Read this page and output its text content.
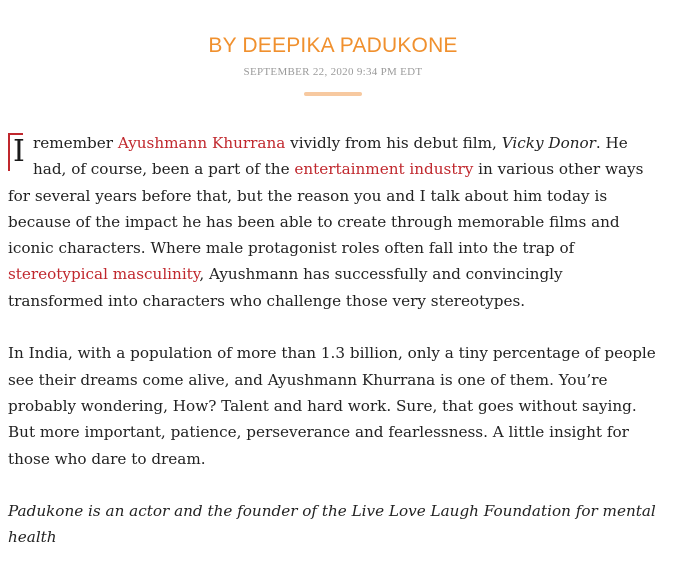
BY DEEPIKA PADUKONE
SEPTEMBER 22, 2020 9:34 PM EDT

I remember Ayushmann Khurrana vividly from his debut film, Vicky Donor. He had, of course, been a part of the entertainment industry in various other ways for several years before that, but the reason you and I talk about him today is because of the impact he has been able to create through memorable films and iconic characters. Where male protagonist roles often fall into the trap of stereotypical masculinity, Ayushmann has successfully and convincingly transformed into characters who challenge those very stereotypes.

In India, with a population of more than 1.3 billion, only a tiny percentage of people see their dreams come alive, and Ayushmann Khurrana is one of them. You’re probably wondering, How? Talent and hard work. Sure, that goes without saying. But more important, patience, perseverance and fearlessness. A little insight for those who dare to dream.

Padukone is an actor and the founder of the Live Love Laugh Foundation for mental health
